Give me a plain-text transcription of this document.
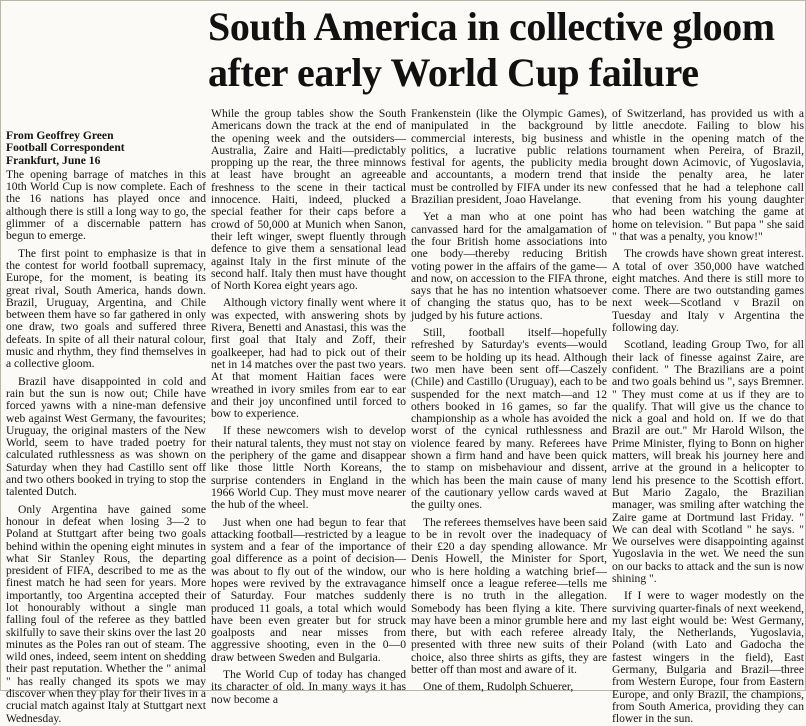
South America in collective gloom
after early World Cup failure

From Geoffrey Green

Football Correspondent

Frankfurt, June 16

The opening barrage of matches in this 10th World Cup is now complete. Each of the 16 nations has played once and although there is still a long way to go, the glimmer of a discernable pattern has begun to emerge.

The first point to emphasize is that in the contest for world football supremacy, Europe, for the moment, is beating its great rival, South America, hands down. Brazil, Uruguay, Argentina, and Chile between them have so far gathered in only one draw, two goals and suffered three defeats. In spite of all their natural colour, music and rhythm, they find themselves in a collective gloom.

Brazil have disappointed in cold and rain but the sun is now out; Chile have forced yawns with a nine-man defensive web against West Germany, the favourites; Uruguay, the original masters of the New World, seem to have traded poetry for calculated ruthlessness as was shown on Saturday when they had Castillo sent off and two others booked in trying to stop the talented Dutch.

Only Argentina have gained some honour in defeat when losing 3—2 to Poland at Stuttgart after being two goals behind within the opening eight minutes in what Sir Stanley Rous, the departing president of FIFA, described to me as the finest match he had seen for years. More importantly, too Argentina accepted their lot honourably without a single man falling foul of the referee as they battled skilfully to save their skins over the last 20 minutes as the Poles ran out of steam. The wild ones, indeed, seem intent on shedding their past reputation. Whether the " animal " has really changed its spots we may discover when they play for their lives in a crucial match against Italy at Stuttgart next Wednesday.

While the group tables show the South Americans down the track at the end of the opening week and the outsiders—Australia, Zaire and Haiti—predictably propping up the rear, the three minnows at least have brought an agreeable freshness to the scene in their tactical innocence. Haiti, indeed, plucked a special feather for their caps before a crowd of 50,000 at Munich when Sanon, their left winger, swept fluently through defence to give them a sensational lead against Italy in the first minute of the second half. Italy then must have thought of North Korea eight years ago.

Although victory finally went where it was expected, with answering shots by Rivera, Benetti and Anastasi, this was the first goal that Italy and Zoff, their goalkeeper, had had to pick out of their net in 14 matches over the past two years. At that moment Haitian faces were wreathed in ivory smiles from ear to ear and their joy unconfined until forced to bow to experience.

If these newcomers wish to develop their natural talents, they must not stay on the periphery of the game and disappear like those little North Koreans, the surprise contenders in England in the 1966 World Cup. They must move nearer the hub of the wheel.

Just when one had begun to fear that attacking football—restricted by a league system and a fear of the importance of goal difference as a point of decision—was about to fly out of the window, our hopes were revived by the extravagance of Saturday. Four matches suddenly produced 11 goals, a total which would have been even greater but for struck goalposts and near misses from aggressive shooting, even in the 0—0 draw between Sweden and Bulgaria.

The World Cup of today has changed its character of old. In many ways it has now become a

Frankenstein (like the Olympic Games), manipulated in the background by commercial interests, big business and politics, a lucrative public relations festival for agents, the publicity media and accountants, a modern trend that must be controlled by FIFA under its new Brazilian president, Joao Havelange.

Yet a man who at one point has canvassed hard for the amalgamation of the four British home associations into one body—thereby reducing British voting power in the affairs of the game—and now, on accession to the FIFA throne, says that he has no intention whatsoever of changing the status quo, has to be judged by his future actions.

Still, football itself—hopefully refreshed by Saturday's events—would seem to be holding up its head. Although two men have been sent off—Caszely (Chile) and Castillo (Uruguay), each to be suspended for the next match—and 12 others booked in 16 games, so far the championship as a whole has avoided the worst of the cynical ruthlessness and violence feared by many. Referees have shown a firm hand and have been quick to stamp on misbehaviour and dissent, which has been the main cause of many of the cautionary yellow cards waved at the guilty ones.

The referees themselves have been said to be in revolt over the inadequacy of their £20 a day spending allowance. Mr Denis Howell, the Minister for Sport, who is here holding a watching brief—himself once a league referee—tells me there is no truth in the allegation. Somebody has been flying a kite. There may have been a minor grumble here and there, but with each referee already presented with three new suits of their choice, also three shirts as gifts, they are better off than most and aware of it.

One of them, Rudolph Schuerer,

of Switzerland, has provided us with a little anecdote. Failing to blow his whistle in the opening match of the tournament when Pereira, of Brazil, brought down Acimovic, of Yugoslavia, inside the penalty area, he later confessed that he had a telephone call that evening from his young daughter who had been watching the game at home on television. " But papa " she said " that was a penalty, you know!"

The crowds have shown great interest. A total of over 350,000 have watched eight matches. And there is still more to come. There are two outstanding games next week—Scotland v Brazil on Tuesday and Italy v Argentina the following day.

Scotland, leading Group Two, for all their lack of finesse against Zaire, are confident. " The Brazilians are a point and two goals behind us ", says Bremner. " They must come at us if they are to qualify. That will give us the chance to nick a goal and hold on. If we do that Brazil are out." Mr Harold Wilson, the Prime Minister, flying to Bonn on higher matters, will break his journey here and arrive at the ground in a helicopter to lend his presence to the Scottish effort. But Mario Zagalo, the Brazilian manager, was smiling after watching the Zaire game at Dortmund last Friday. " We can deal with Scotland " he says. " We ourselves were disappointing against Yugoslavia in the wet. We need the sun on our backs to attack and the sun is now shining ".

If I were to wager modestly on the surviving quarter-finals of next weekend, my last eight would be: West Germany, Italy, the Netherlands, Yugoslavia, Poland (with Lato and Gadocha the fastest wingers in the field), East Germany, Bulgaria and Brazil—three from Western Europe, four from Eastern Europe, and only Brazil, the champions, from South America, providing they can flower in the sun.
